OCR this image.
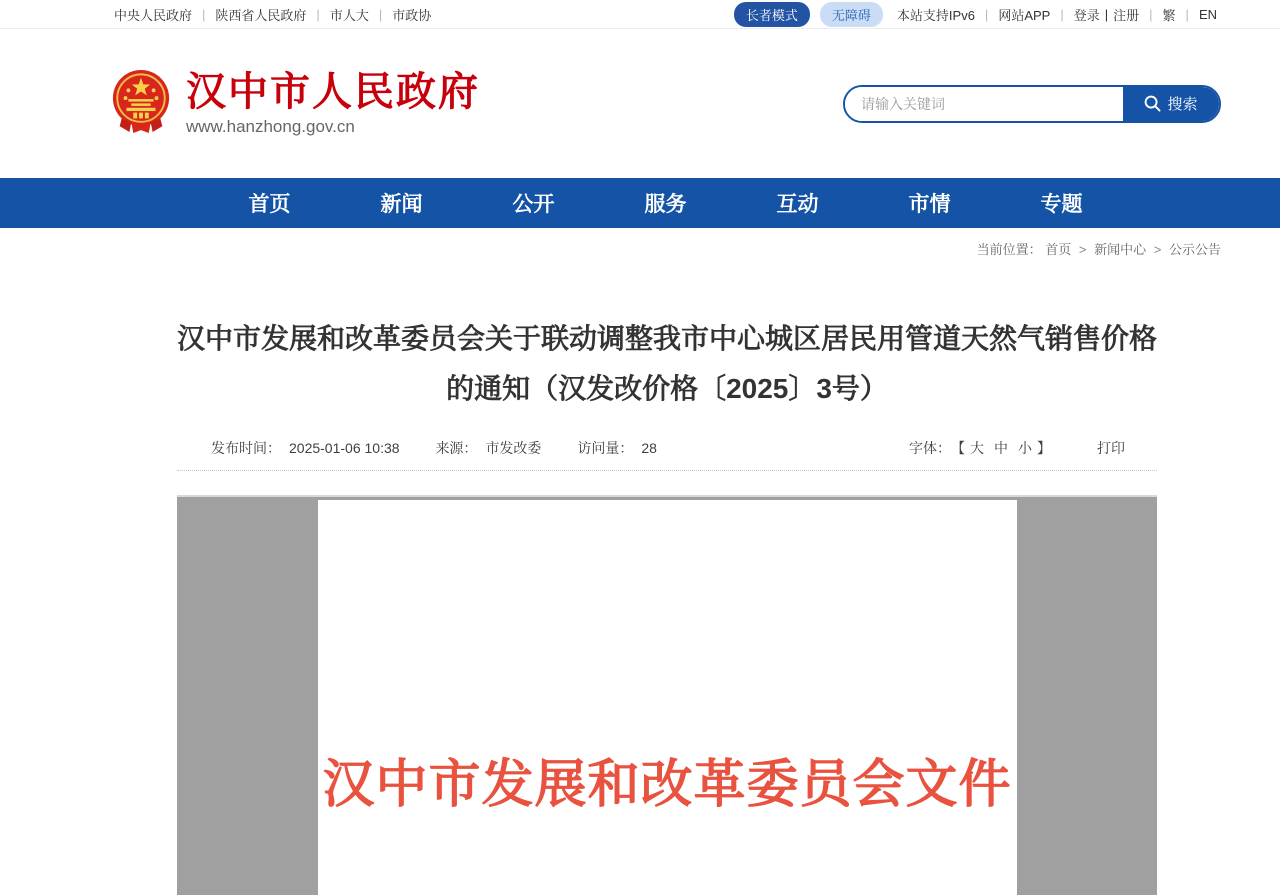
中央人民政府 | 陕西省人民政府 | 市人大 | 市政协	长者模式	无障碍	本站支持IPv6 | 网站APP | 登录 | 注册 | 繁 | EN
汉中市人民政府
www.hanzhong.gov.cn
请输入关键词
搜索
首页	新闻	公开	服务	互动	市情	专题
当前位置： 首页 > 新闻中心 > 公示公告
汉中市发展和改革委员会关于联动调整我市中心城区居民用管道天然气销售价格的通知（汉发改价格〔2025〕3号）
发布时间： 2025-01-06 10:38	来源： 市发改委	访问量： 28	字体： 【 大 中 小 】	打印
汉中市发展和改革委员会文件
